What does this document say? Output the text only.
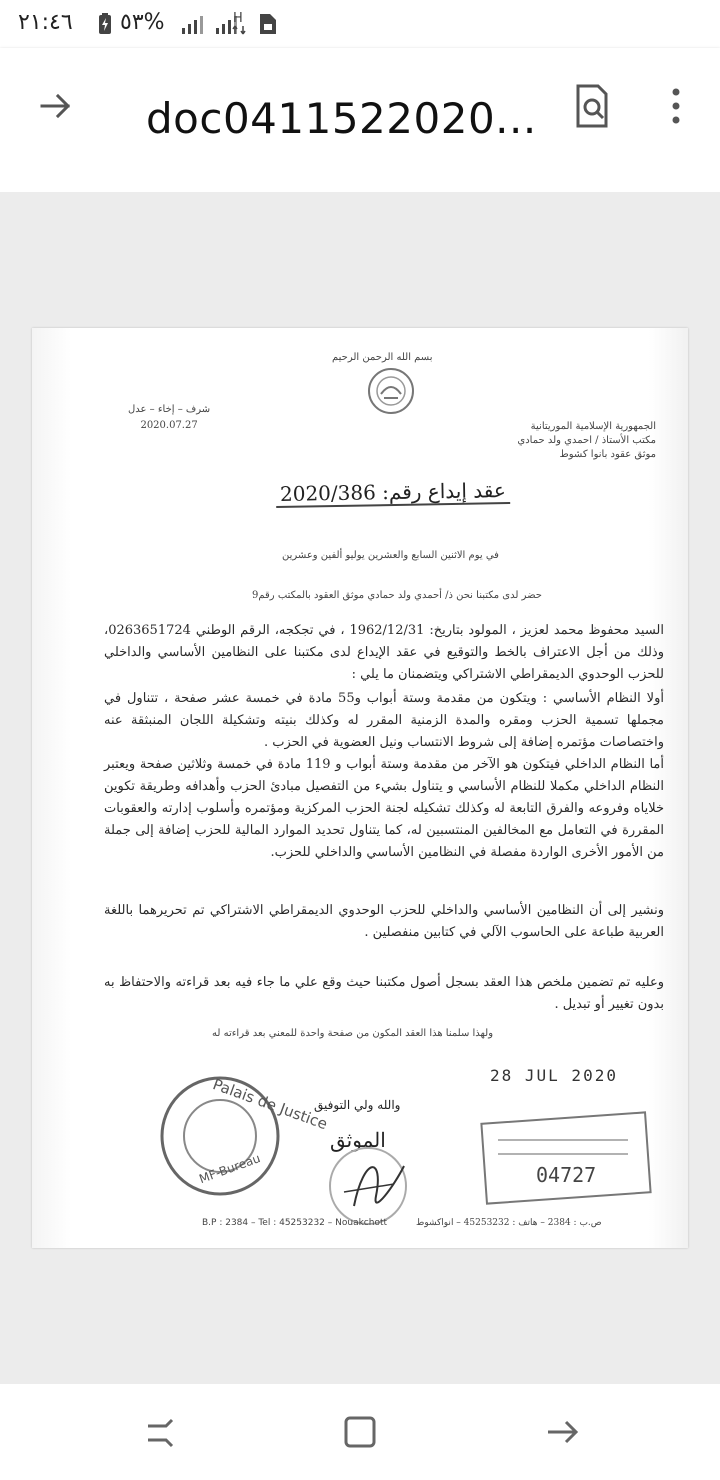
٢١:٤٦ ٥٣%	H
doc0411522020...
بسم الله الرحمن الرحيم
شرف – إخاء – عدل
2020.07.27	الجمهورية الإسلامية الموريتانية
مكتب الأستاذ / احمدي ولد حمادي
موثق عقود بانوا كشوط
عقد إيداع رقم: 2020/386
في يوم الاثنين السابع والعشرين يوليو ألفين وعشرين
حضر لدى مكتبنا نحن ذ/ أحمدي ولد حمادي موثق العقود بالمكتب رقم9
السيد محفوظ محمد لعزيز ، المولود بتاريخ: 1962/12/31 ، في تجكجه، الرقم الوطني 0263651724، وذلك من أجل الاعتراف بالخط والتوقيع في عقد الإيداع لدى مكتبنا على النظامين الأساسي والداخلي للحزب الوحدوي الديمقراطي الاشتراكي ويتضمنان ما يلي :
أولا النظام الأساسي : ويتكون من مقدمة وستة أبواب و55 مادة في خمسة عشر صفحة ، تتناول في مجملها تسمية الحزب ومقره والمدة الزمنية المقرر له وكذلك بنيته وتشكيلة اللجان المنبثقة عنه واختصاصات مؤتمره إضافة إلى شروط الانتساب ونيل العضوية في الحزب .
أما النظام الداخلي فيتكون هو الآخر من مقدمة وستة أبواب و 119 مادة في خمسة وثلاثين صفحة ويعتبر النظام الداخلي مكملا للنظام الأساسي و يتناول بشيء من التفصيل مبادئ الحزب وأهدافه وطريقة تكوين خلاياه وفروعه والفرق التابعة له وكذلك تشكيله لجنة الحزب المركزية ومؤتمره وأسلوب إدارته والعقوبات المقررة في التعامل مع المخالفين المنتسبين له، كما يتناول تحديد الموارد المالية للحزب إضافة إلى جملة من الأمور الأخرى الواردة مفصلة في النظامين الأساسي والداخلي للحزب.
ونشير إلى أن النظامين الأساسي والداخلي للحزب الوحدوي الديمقراطي الاشتراكي تم تحريرهما باللغة العربية طباعة على الحاسوب الآلي في كتابين منفصلين .
وعليه تم تضمين ملخص هذا العقد بسجل أصول مكتبنا حيث وقع علي ما جاء فيه بعد قراءته والاحتفاظ به بدون تغيير أو تبديل .
ولهذا سلمنا هذا العقد المكون من صفحة واحدة للمعني بعد قراءته له
28 JUL 2020
Palais de Justice
MF-Bureau
والله ولي التوفيق
الموثق
04727
B.P : 2384 – Tel : 45253232 – Nouakchott	ص.ب : 2384 – هاتف : 45253232 – انواكشوط
